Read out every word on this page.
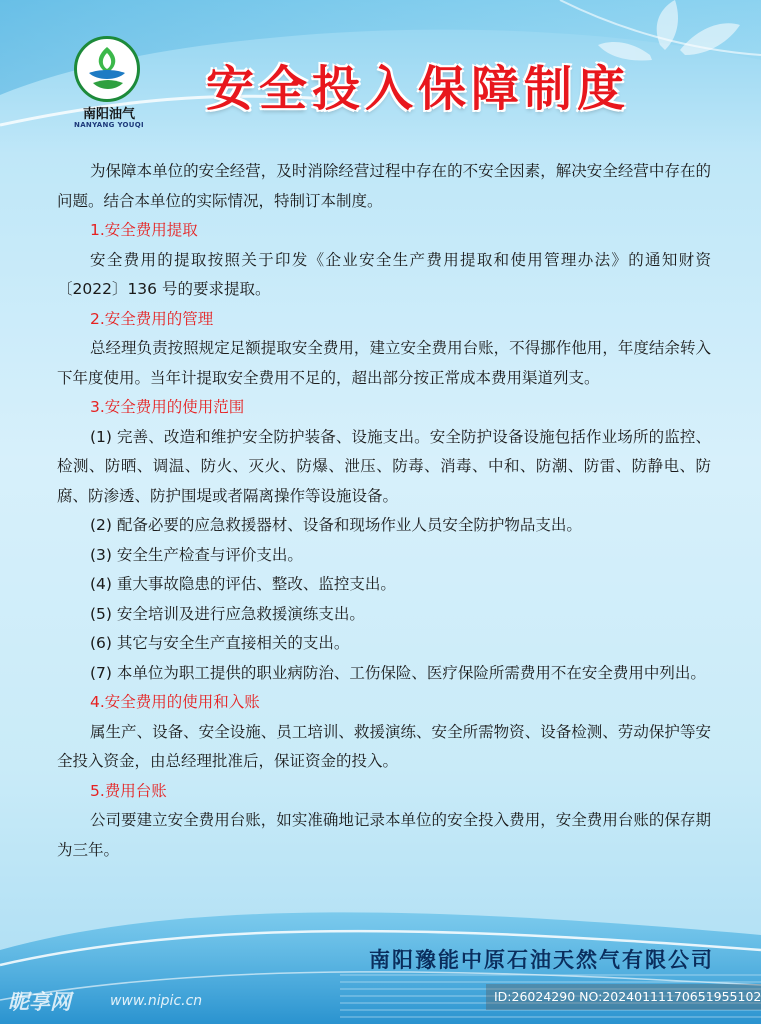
南阳油气
NANYANG YOUQI
安全投入保障制度

为保障本单位的安全经营，及时消除经营过程中存在的不安全因素，解决安全经营中存在的问题。结合本单位的实际情况，特制订本制度。

1.安全费用提取

安全费用的提取按照关于印发《企业安全生产费用提取和使用管理办法》的通知财资〔2022〕136 号的要求提取。

2.安全费用的管理

总经理负责按照规定足额提取安全费用，建立安全费用台账，不得挪作他用，年度结余转入下年度使用。当年计提取安全费用不足的，超出部分按正常成本费用渠道列支。

3.安全费用的使用范围

(1) 完善、改造和维护安全防护装备、设施支出。安全防护设备设施包括作业场所的监控、检测、防晒、调温、防火、灭火、防爆、泄压、防毒、消毒、中和、防潮、防雷、防静电、防腐、防渗透、防护围堤或者隔离操作等设施设备。

(2) 配备必要的应急救援器材、设备和现场作业人员安全防护物品支出。

(3) 安全生产检查与评价支出。

(4) 重大事故隐患的评估、整改、监控支出。

(5) 安全培训及进行应急救援演练支出。

(6) 其它与安全生产直接相关的支出。

(7) 本单位为职工提供的职业病防治、工伤保险、医疗保险所需费用不在安全费用中列出。

4.安全费用的使用和入账

属生产、设备、安全设施、员工培训、救援演练、安全所需物资、设备检测、劳动保护等安全投入资金，由总经理批准后，保证资金的投入。

5.费用台账

公司要建立安全费用台账，如实准确地记录本单位的安全投入费用，安全费用台账的保存期为三年。

南阳豫能中原石油天然气有限公司
昵享网	www.nipic.cn	ID:26024290 NO:20240111170651955102
